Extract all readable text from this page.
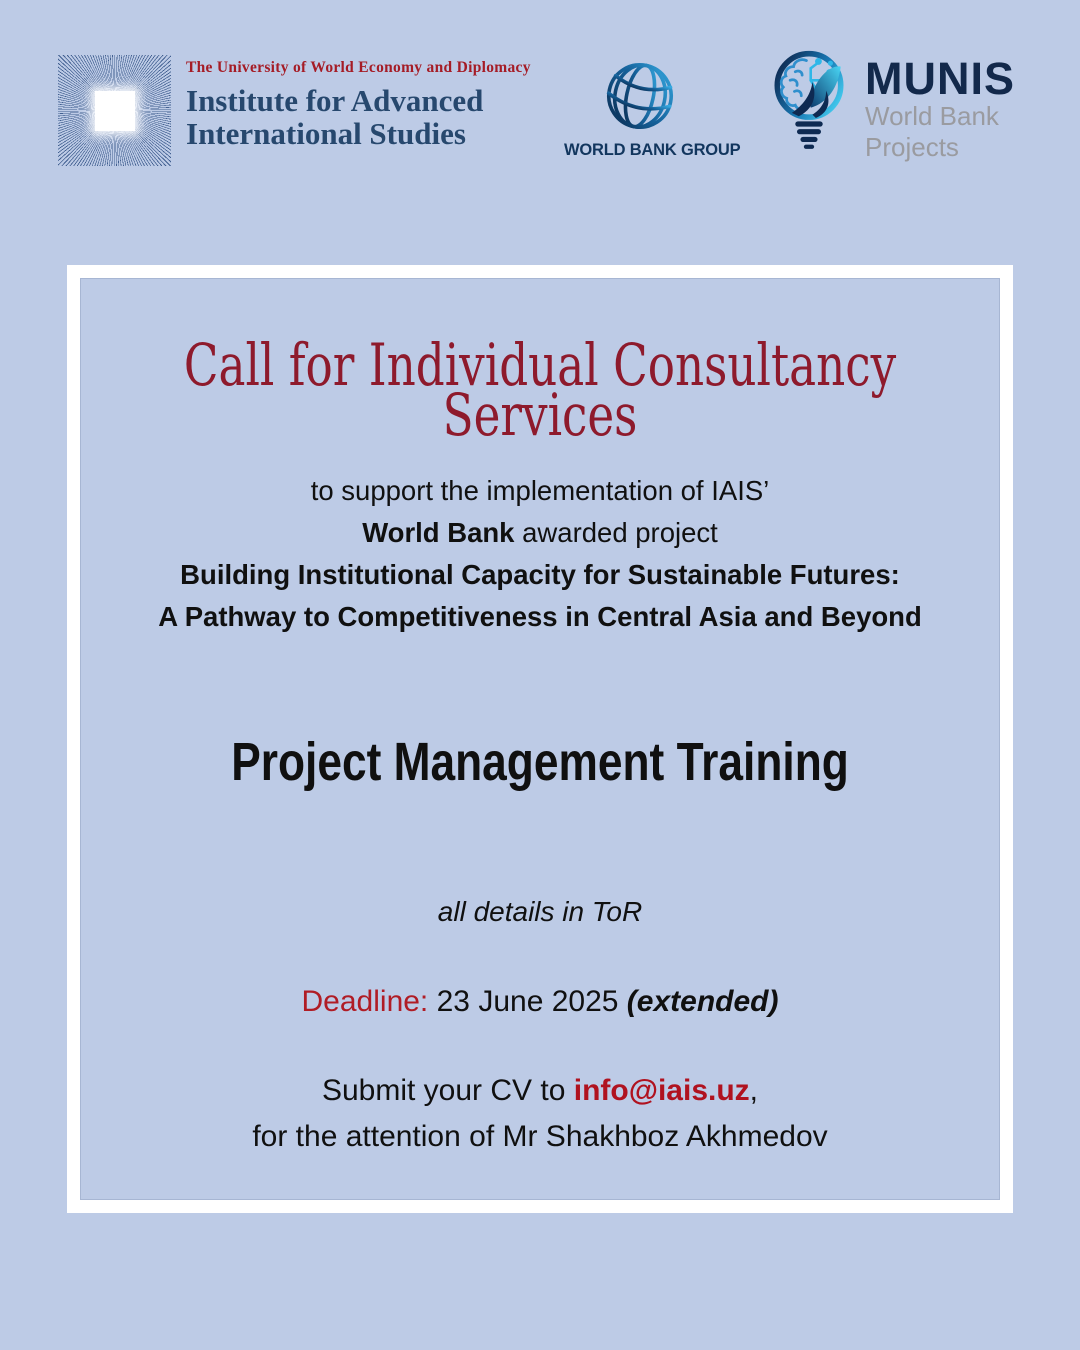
The University of World Economy and Diplomacy
Institute for Advanced
International Studies	WORLD BANK GROUP
MUNIS
World Bank
Projects
Call for Individual Consultancy
Services
to support the implementation of IAIS’
World Bank awarded project
Building Institutional Capacity for Sustainable Futures:
A Pathway to Competitiveness in Central Asia and Beyond
Project Management Training
all details in ToR
Deadline: 23 June 2025 (extended)
Submit your CV to info@iais.uz,
for the attention of Mr Shakhboz Akhmedov
